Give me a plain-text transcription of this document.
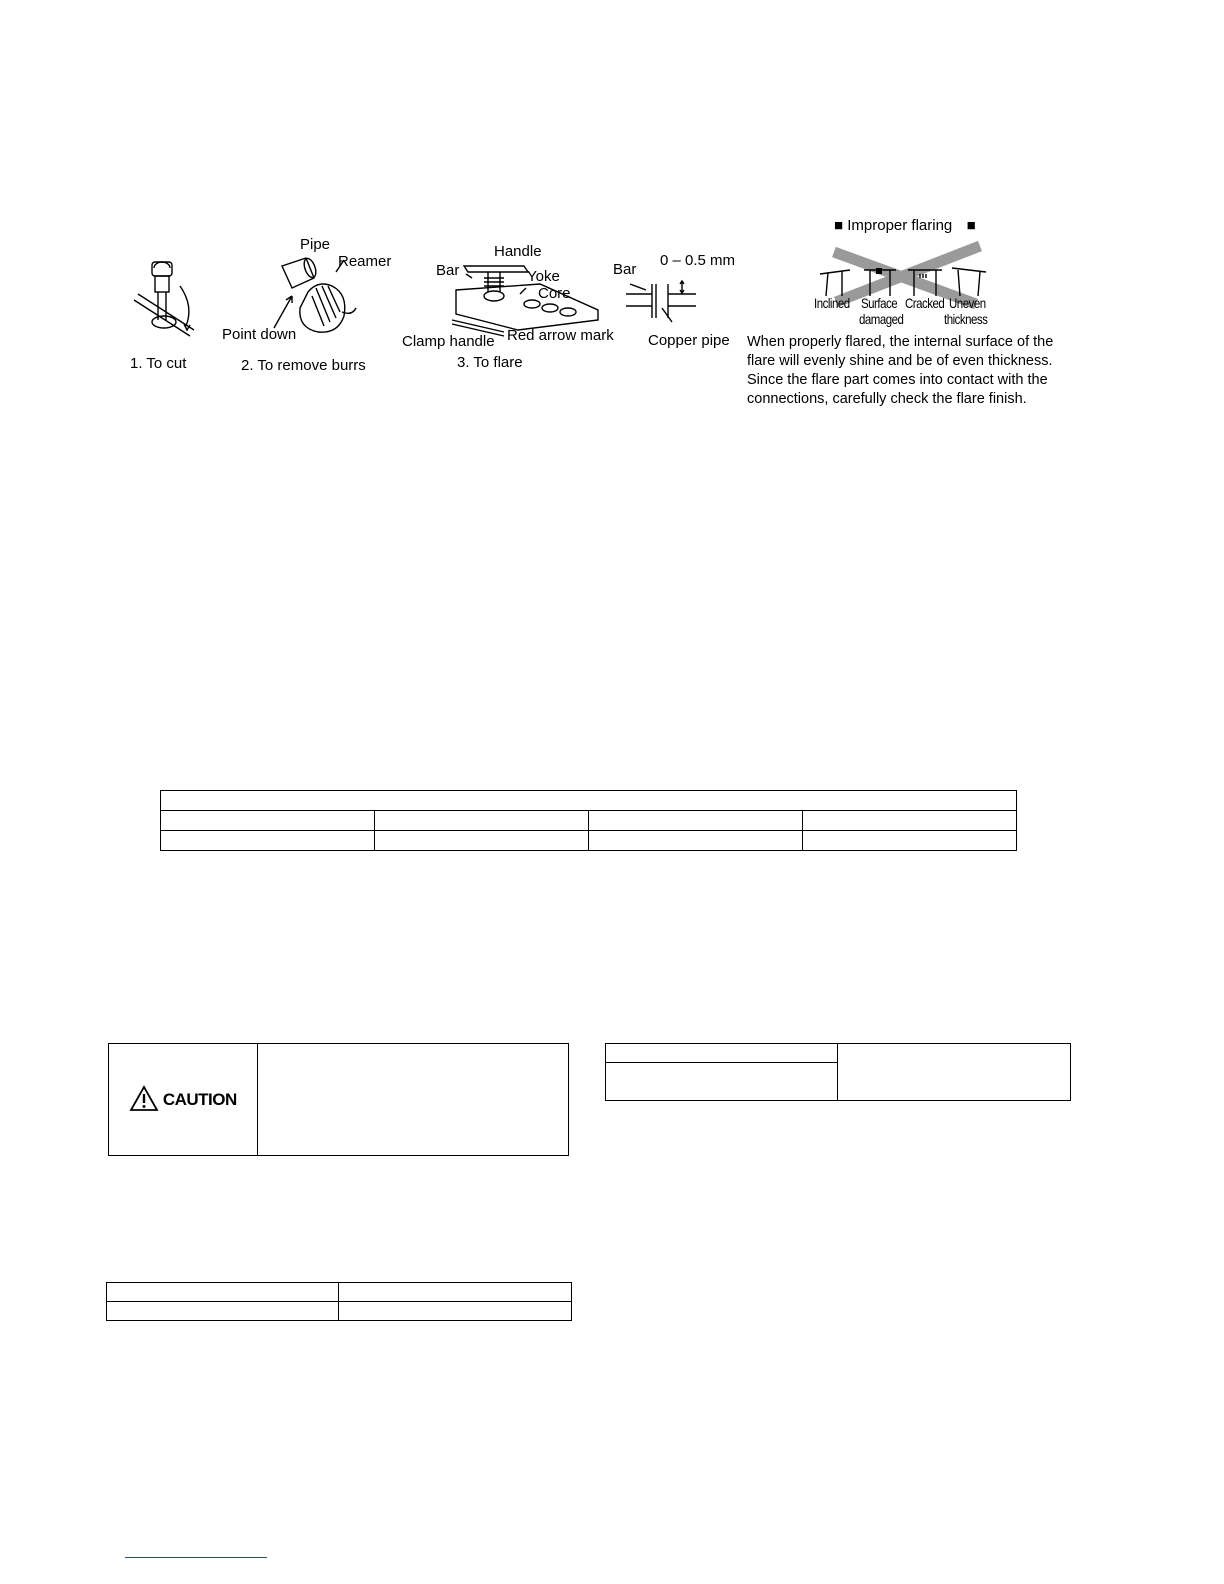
1. To cut
Pipe
Reamer
Point down
2. To remove burrs
Handle
Bar	Yoke
Core
Clamp handle Red arrow mark
3. To flare
Bar
0 – 0.5 mm
Copper pipe
■ Improper flaring ■
Inclined Surface
damaged
Cracked Uneven
thickness
When properly flared, the internal surface of the
flare will evenly shine and be of even thickness.
Since the flare part comes into contact with the
connections, carefully check the flare finish.

CAUTION	
